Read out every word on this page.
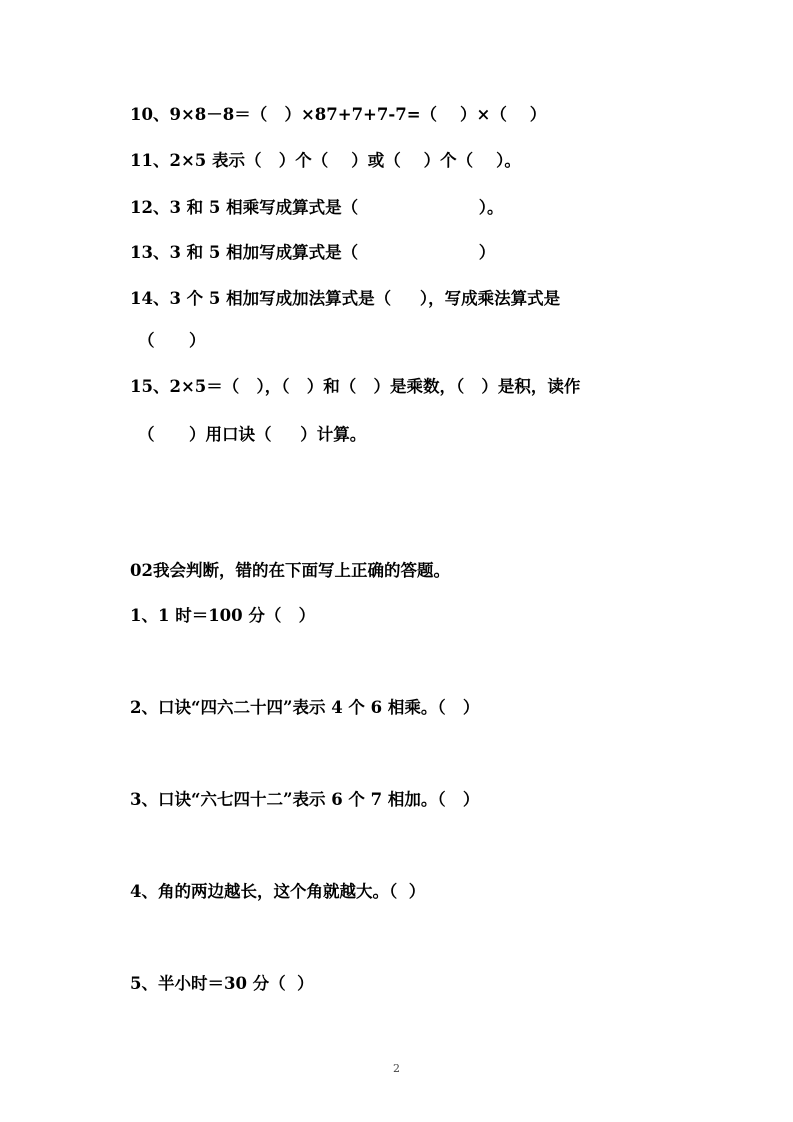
10、9×8－8＝（   ）×87+7+7-7=（    ）×（    ）
11、2×5 表示（   ）个（    ）或（    ）个（    ）。
12、3 和 5 相乘写成算式是（                     ）。
13、3 和 5 相加写成算式是（                     ）
14、3 个 5 相加写成加法算式是（     ），写成乘法算式是
（      ）
15、2×5＝（   ），（   ）和（   ）是乘数，（   ）是积，读作
（      ）用口诀（     ）计算。
02我会判断，错的在下面写上正确的答题。
1、1 时＝100 分（   ）
2、口诀“四六二十四”表示 4 个 6 相乘。（   ）
3、口诀“六七四十二”表示 6 个 7 相加。（   ）
4、角的两边越长，这个角就越大。（  ）
5、半小时＝30 分（  ）
2
